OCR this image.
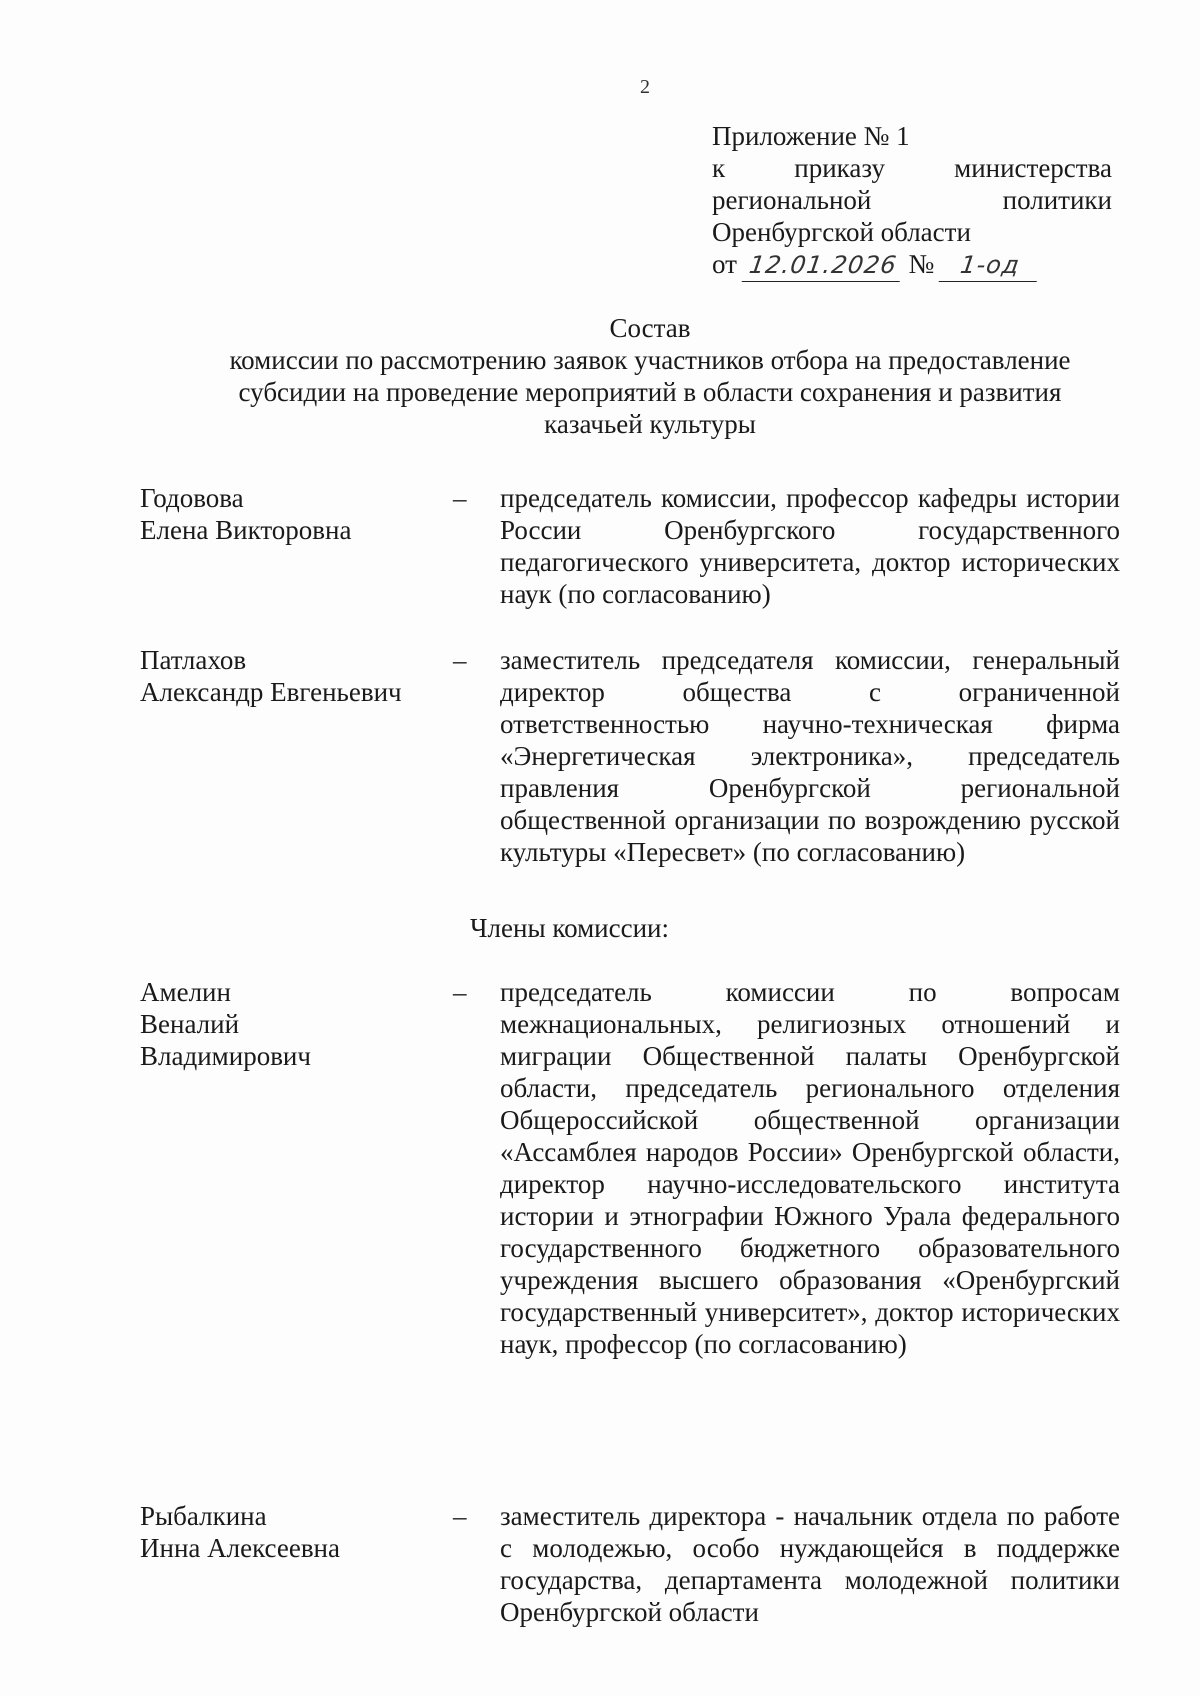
2
Приложение № 1
к	приказу	министерства
региональной	политики
Оренбургской области
от 12.01.2026 № 1-од
Состав
комиссии по рассмотрению заявок участников отбора на предоставление
субсидии на проведение мероприятий в области сохранения и развития
казачьей культуры
Годовова
Елена Викторовна
– председатель комиссии, профессор кафедры истории России Оренбургского государственного педагогического университета, доктор исторических наук (по согласованию)
Патлахов
Александр Евгеньевич
– заместитель председателя комиссии, генеральный директор общества с ограниченной ответственностью научно-техническая фирма «Энергетическая электроника», председатель правления Оренбургской региональной общественной организации по возрождению русской культуры «Пересвет» (по согласованию)
Члены комиссии:
Амелин
Веналий
Владимирович
– председатель комиссии по вопросам межнациональных, религиозных отношений и миграции Общественной палаты Оренбургской области, председатель регионального отделения Общероссийской общественной организации «Ассамблея народов России» Оренбургской области, директор научно-исследовательского института истории и этнографии Южного Урала федерального государственного бюджетного образовательного учреждения высшего образования «Оренбургский государственный университет», доктор исторических наук, профессор (по согласованию)
Рыбалкина
Инна Алексеевна
– заместитель директора - начальник отдела по работе с молодежью, особо нуждающейся в поддержке государства, департамента молодежной политики Оренбургской области
